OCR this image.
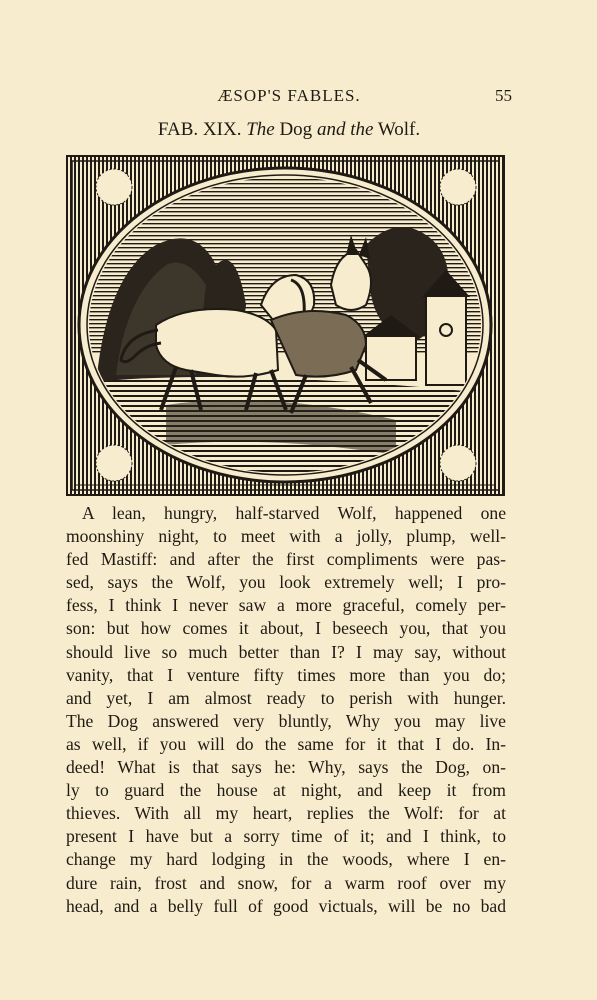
ÆSOP'S FABLES.	55
FAB. XIX. The Dog and the Wolf.
A lean, hungry, half-starved Wolf, happened one
moonshiny night, to meet with a jolly, plump, well-
fed Mastiff: and after the first compliments were pas-
sed, says the Wolf, you look extremely well; I pro-
fess, I think I never saw a more graceful, comely per-
son: but how comes it about, I beseech you, that you
should live so much better than I? I may say, without
vanity, that I venture fifty times more than you do;
and yet, I am almost ready to perish with hunger.
The Dog answered very bluntly, Why you may live
as well, if you will do the same for it that I do. In-
deed! What is that says he: Why, says the Dog, on-
ly to guard the house at night, and keep it from
thieves. With all my heart, replies the Wolf: for at
present I have but a sorry time of it; and I think, to
change my hard lodging in the woods, where I en-
dure rain, frost and snow, for a warm roof over my
head, and a belly full of good victuals, will be no bad
